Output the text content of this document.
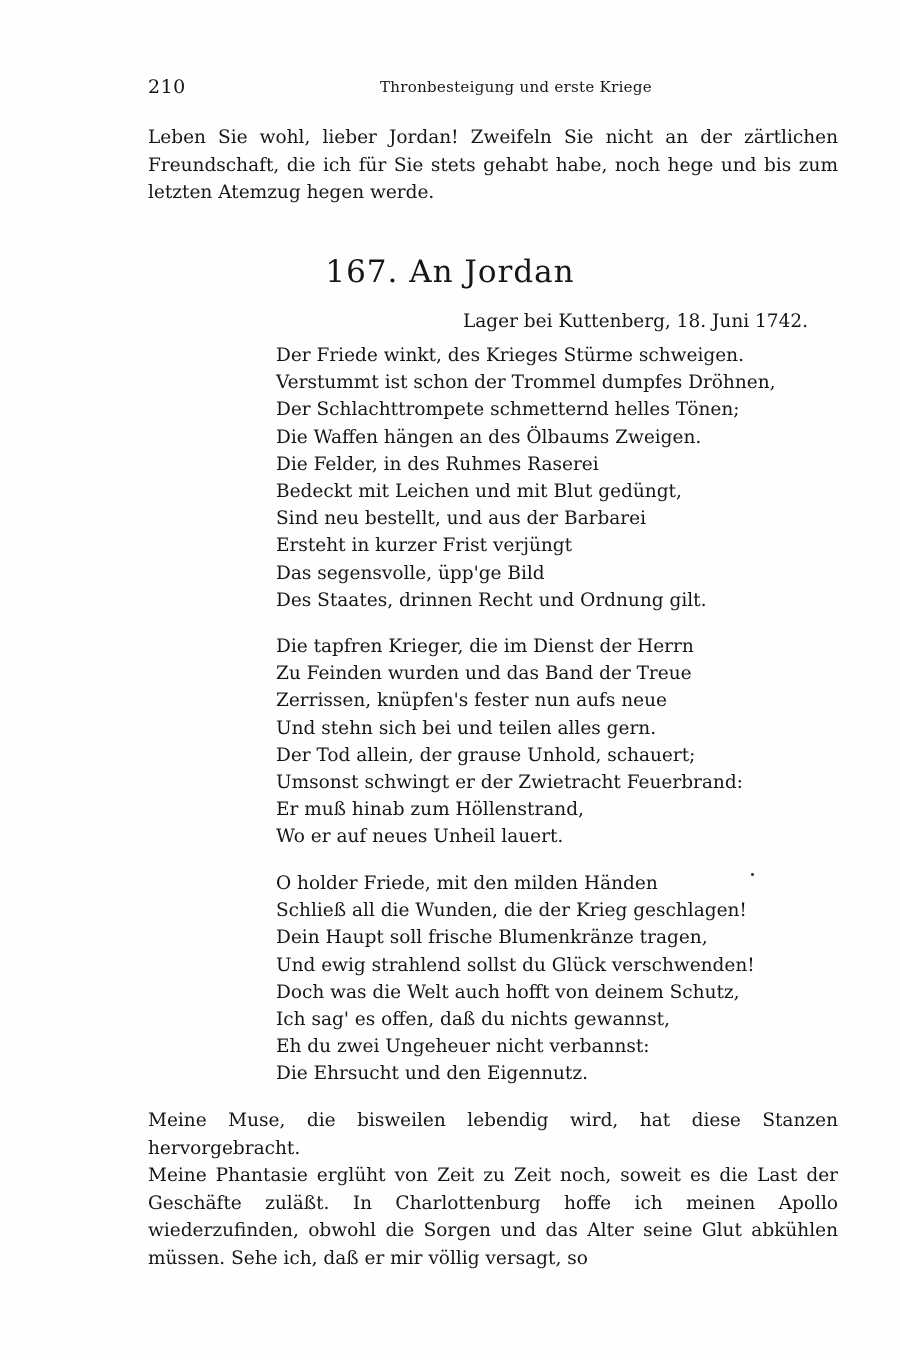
210	Thronbesteigung und erste Kriege

Leben Sie wohl, lieber Jordan! Zweifeln Sie nicht an der zärtlichen Freundschaft, die ich für Sie stets gehabt habe, noch hege und bis zum letzten Atemzug hegen werde.

167. An Jordan
Lager bei Kuttenberg, 18. Juni 1742.
Der Friede winkt, des Krieges Stürme schweigen.
Verstummt ist schon der Trommel dumpfes Dröhnen,
Der Schlachttrompete schmetternd helles Tönen;
Die Waffen hängen an des Ölbaums Zweigen.
Die Felder, in des Ruhmes Raserei
Bedeckt mit Leichen und mit Blut gedüngt,
Sind neu bestellt, und aus der Barbarei
Ersteht in kurzer Frist verjüngt
Das segensvolle, üpp'ge Bild
Des Staates, drinnen Recht und Ordnung gilt.
Die tapfren Krieger, die im Dienst der Herrn
Zu Feinden wurden und das Band der Treue
Zerrissen, knüpfen's fester nun aufs neue
Und stehn sich bei und teilen alles gern.
Der Tod allein, der grause Unhold, schauert;
Umsonst schwingt er der Zwietracht Feuerbrand:
Er muß hinab zum Höllenstrand,
Wo er auf neues Unheil lauert.
O holder Friede, mit den milden Händen
Schließ all die Wunden, die der Krieg geschlagen!
Dein Haupt soll frische Blumenkränze tragen,
Und ewig strahlend sollst du Glück verschwenden!
Doch was die Welt auch hofft von deinem Schutz,
Ich sag' es offen, daß du nichts gewannst,
Eh du zwei Ungeheuer nicht verbannst:
Die Ehrsucht und den Eigennutz.

Meine Muse, die bisweilen lebendig wird, hat diese Stanzen hervorgebracht.
Meine Phantasie erglüht von Zeit zu Zeit noch, soweit es die Last der Geschäfte zuläßt. In Charlottenburg hoffe ich meinen Apollo wiederzufinden, obwohl die Sorgen und das Alter seine Glut abkühlen müssen. Sehe ich, daß er mir völlig versagt, so
